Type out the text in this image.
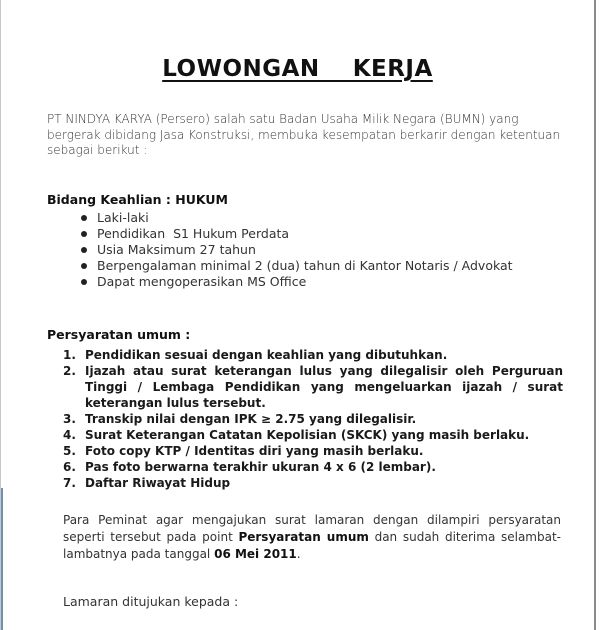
LOWONGAN  KERJA
PT NINDYA KARYA (Persero) salah satu Badan Usaha Milik Negara (BUMN) yang bergerak dibidang Jasa Konstruksi, membuka kesempatan berkarir dengan ketentuan sebagai berikut :
Bidang Keahlian : HUKUM
Laki-laki
Pendidikan  S1 Hukum Perdata
Usia Maksimum 27 tahun
Berpengalaman minimal 2 (dua) tahun di Kantor Notaris / Advokat
Dapat mengoperasikan MS Office
Persyaratan umum :
1. Pendidikan sesuai dengan keahlian yang dibutuhkan.
2. Ijazah atau surat keterangan lulus yang dilegalisir oleh Perguruan Tinggi / Lembaga Pendidikan yang mengeluarkan ijazah / surat keterangan lulus tersebut.
3. Transkip nilai dengan IPK ≥ 2.75 yang dilegalisir.
4. Surat Keterangan Catatan Kepolisian (SKCK) yang masih berlaku.
5. Foto copy KTP / Identitas diri yang masih berlaku.
6. Pas foto berwarna terakhir ukuran 4 x 6 (2 lembar).
7. Daftar Riwayat Hidup
Para Peminat agar mengajukan surat lamaran dengan dilampiri persyaratan seperti tersebut pada point Persyaratan umum dan sudah diterima selambat-lambatnya pada tanggal 06 Mei 2011.
Lamaran ditujukan kepada :
